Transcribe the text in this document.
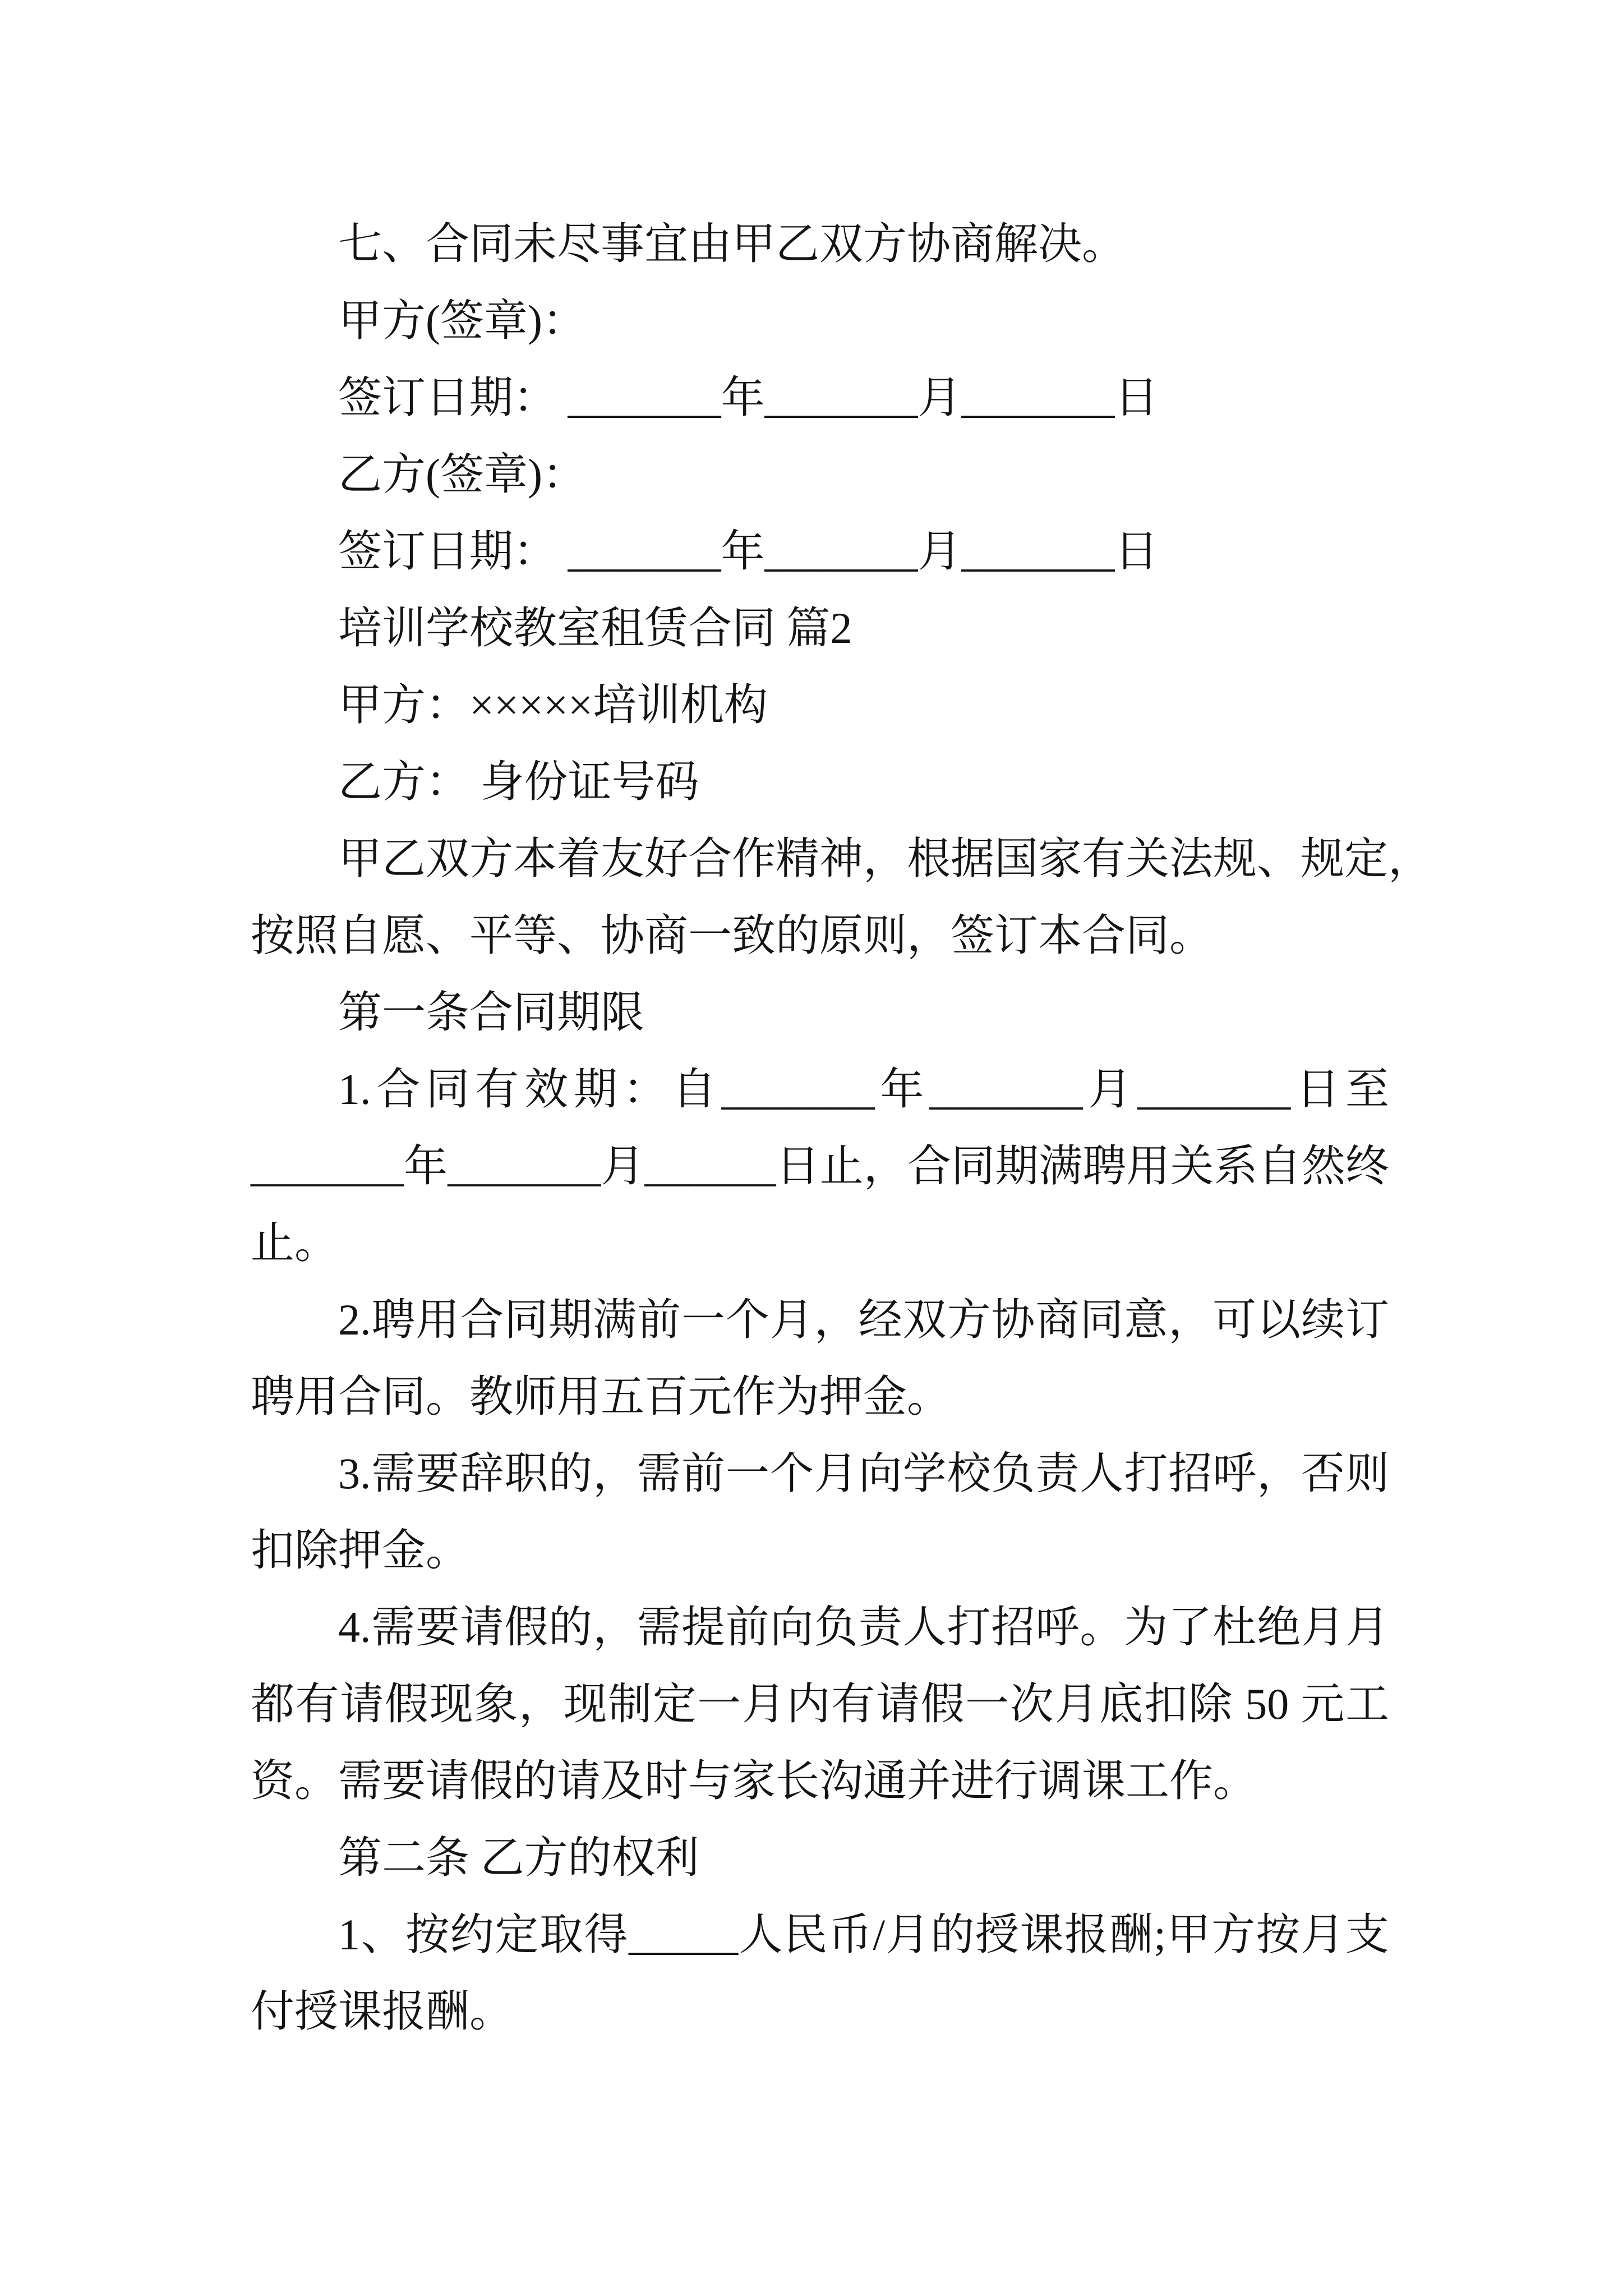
七、合同未尽事宜由甲乙双方协商解决。
甲方(签章)：
签订日期： _______年_______月_______日
乙方(签章)：
签订日期： _______年_______月_______日
培训学校教室租赁合同 篇2
甲方：×××××培训机构
乙方： 身份证号码
甲乙双方本着友好合作精神，根据国家有关法规、规定，
按照自愿、平等、协商一致的原则，签订本合同。
第一条合同期限
1.合同有效期：自_______年_______月_______日至
_______年_______月______日止，合同期满聘用关系自然终
止。
2.聘用合同期满前一个月，经双方协商同意，可以续订
聘用合同。教师用五百元作为押金。
3.需要辞职的，需前一个月向学校负责人打招呼，否则
扣除押金。
4.需要请假的，需提前向负责人打招呼。为了杜绝月月
都有请假现象，现制定一月内有请假一次月底扣除 50 元工
资。需要请假的请及时与家长沟通并进行调课工作。
第二条 乙方的权利
1、按约定取得_____人民币/月的授课报酬;甲方按月支
付授课报酬。
